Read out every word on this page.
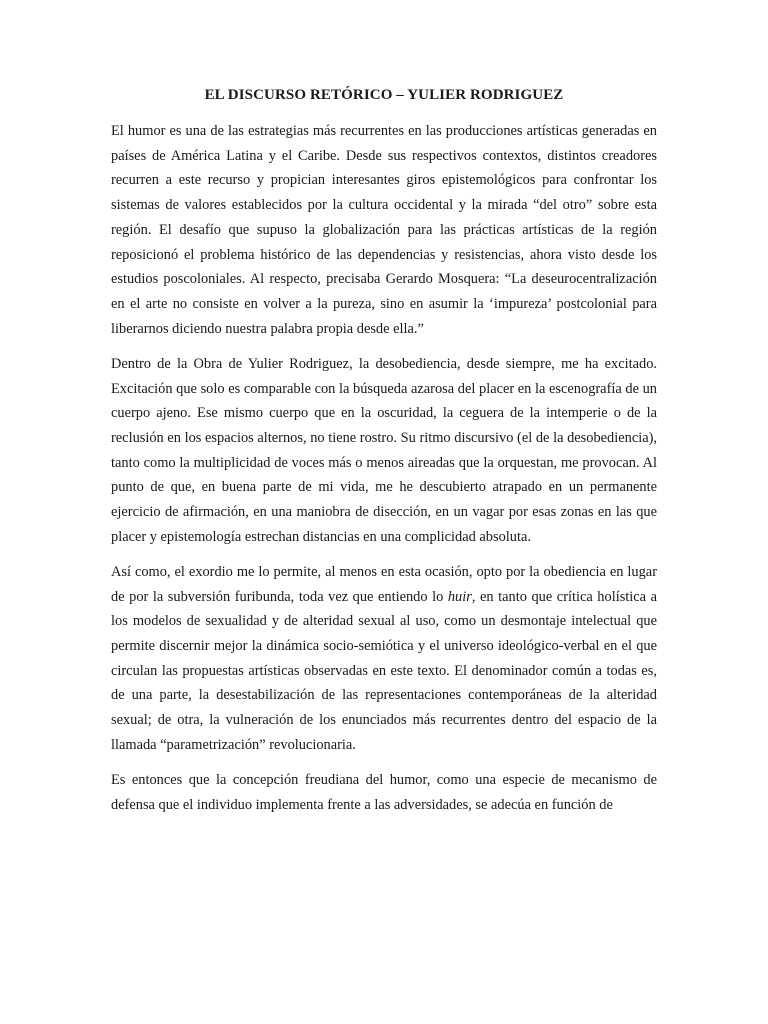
EL DISCURSO RETÓRICO – YULIER RODRIGUEZ

El humor es una de las estrategias más recurrentes en las producciones artísticas generadas en países de América Latina y el Caribe. Desde sus respectivos contextos, distintos creadores recurren a este recurso y propician interesantes giros epistemológicos para confrontar los sistemas de valores establecidos por la cultura occidental y la mirada “del otro” sobre esta región. El desafío que supuso la globalización para las prácticas artísticas de la región reposicionó el problema histórico de las dependencias y resistencias, ahora visto desde los estudios poscoloniales. Al respecto, precisaba Gerardo Mosquera: “La deseurocentralización en el arte no consiste en volver a la pureza, sino en asumir la ‘impureza’ postcolonial para liberarnos diciendo nuestra palabra propia desde ella.”

Dentro de la Obra de Yulier Rodriguez, la desobediencia, desde siempre, me ha excitado. Excitación que solo es comparable con la búsqueda azarosa del placer en la escenografía de un cuerpo ajeno. Ese mismo cuerpo que en la oscuridad, la ceguera de la intemperie o de la reclusión en los espacios alternos, no tiene rostro. Su ritmo discursivo (el de la desobediencia), tanto como la multiplicidad de voces más o menos aireadas que la orquestan, me provocan. Al punto de que, en buena parte de mi vida, me he descubierto atrapado en un permanente ejercicio de afirmación, en una maniobra de disección, en un vagar por esas zonas en las que placer y epistemología estrechan distancias en una complicidad absoluta.

Así como, el exordio me lo permite, al menos en esta ocasión, opto por la obediencia en lugar de por la subversión furibunda, toda vez que entiendo lo huir, en tanto que crítica holística a los modelos de sexualidad y de alteridad sexual al uso, como un desmontaje intelectual que permite discernir mejor la dinámica socio-semiótica y el universo ideológico-verbal en el que circulan las propuestas artísticas observadas en este texto. El denominador común a todas es, de una parte, la desestabilización de las representaciones contemporáneas de la alteridad sexual; de otra, la vulneración de los enunciados más recurrentes dentro del espacio de la llamada “parametrización” revolucionaria.

Es entonces que la concepción freudiana del humor, como una especie de mecanismo de defensa que el individuo implementa frente a las adversidades, se adecúa en función de
